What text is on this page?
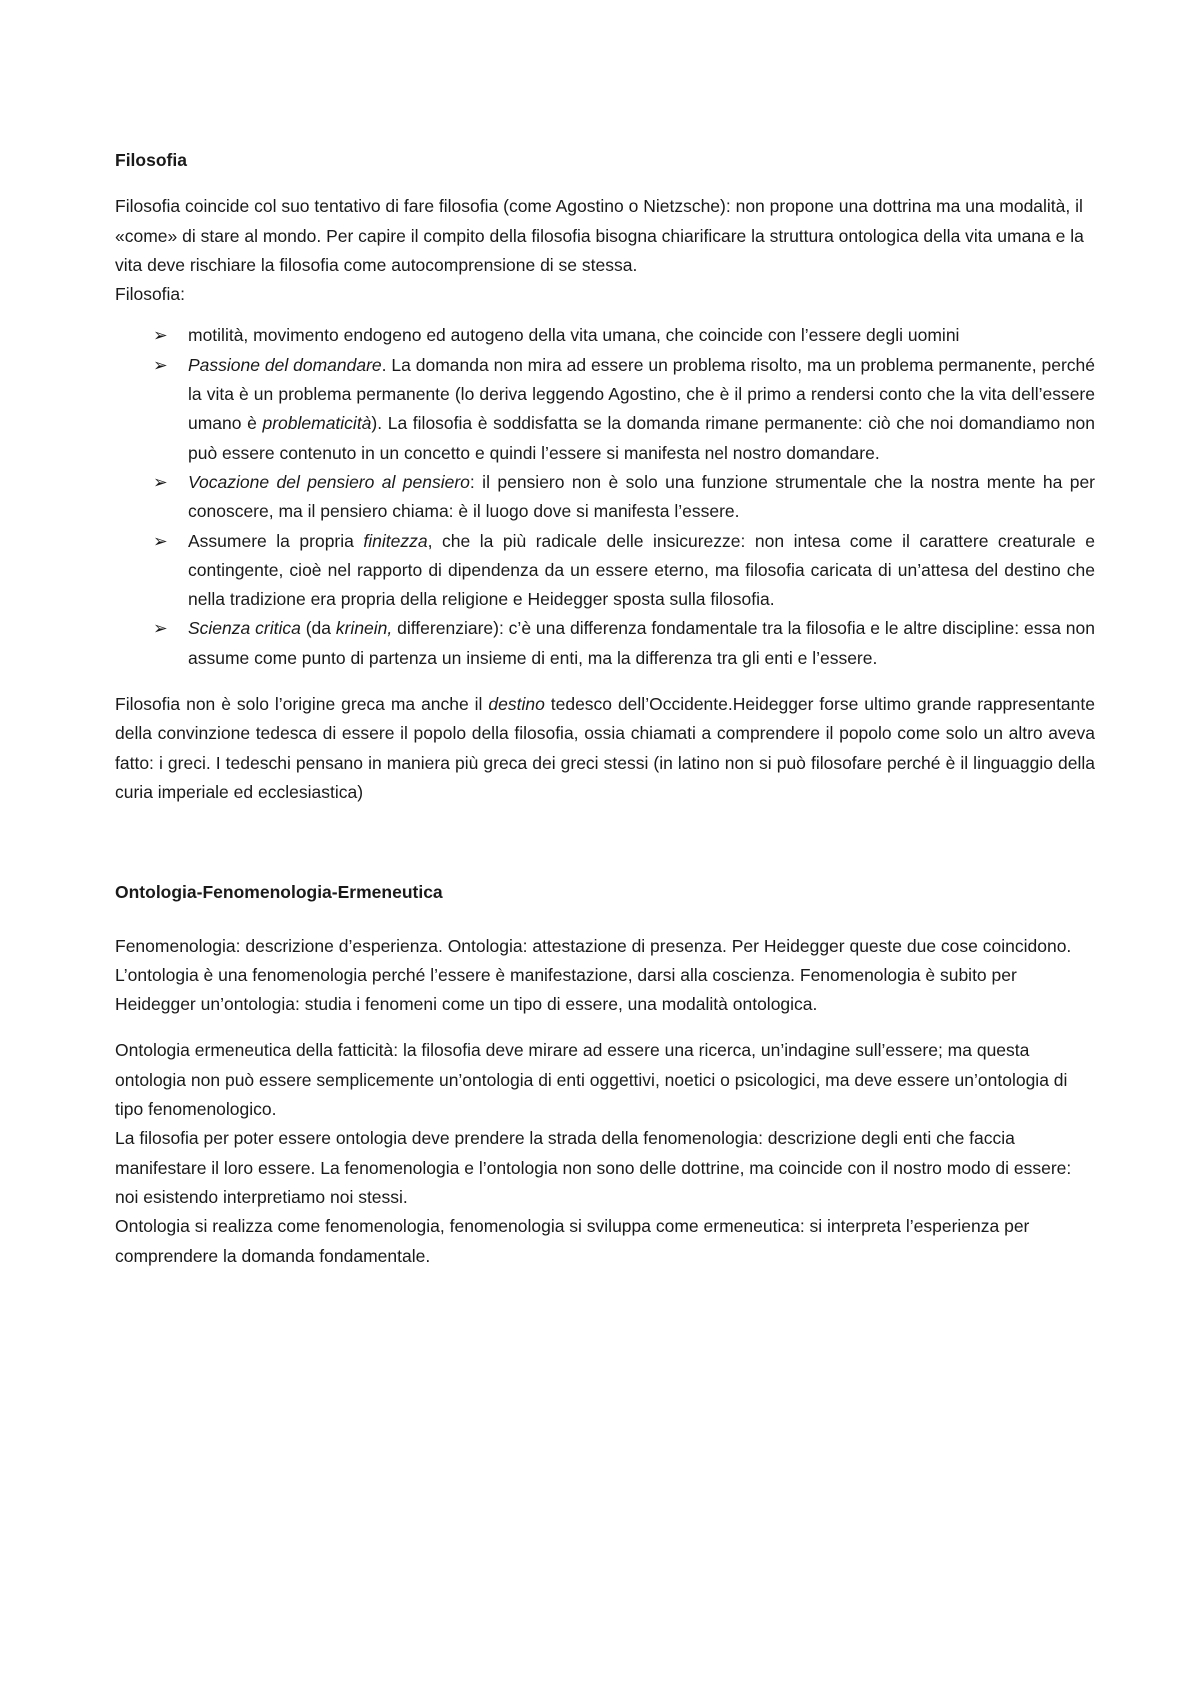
Filosofia

Filosofia coincide col suo tentativo di fare filosofia (come Agostino o Nietzsche): non propone una dottrina ma una modalità, il «come» di stare al mondo. Per capire il compito della filosofia bisogna chiarificare la struttura ontologica della vita umana e la vita deve rischiare la filosofia come autocomprensione di se stessa.

Filosofia:

➢	motilità, movimento endogeno ed autogeno della vita umana, che coincide con l’essere degli uomini
➢	Passione del domandare. La domanda non mira ad essere un problema risolto, ma un problema permanente, perché la vita è un problema permanente (lo deriva leggendo Agostino, che è il primo a rendersi conto che la vita dell’essere umano è problematicità). La filosofia è soddisfatta se la domanda rimane permanente: ciò che noi domandiamo non può essere contenuto in un concetto e quindi l’essere si manifesta nel nostro domandare.
➢	Vocazione del pensiero al pensiero: il pensiero non è solo una funzione strumentale che la nostra mente ha per conoscere, ma il pensiero chiama: è il luogo dove si manifesta l’essere.
➢	Assumere la propria finitezza, che la più radicale delle insicurezze: non intesa come il carattere creaturale e contingente, cioè nel rapporto di dipendenza da un essere eterno, ma filosofia caricata di un’attesa del destino che nella tradizione era propria della religione e Heidegger sposta sulla filosofia.
➢	Scienza critica (da krinein, differenziare): c’è una differenza fondamentale tra la filosofia e le altre discipline: essa non assume come punto di partenza un insieme di enti, ma la differenza tra gli enti e l’essere.

Filosofia non è solo l’origine greca ma anche il destino tedesco dell’Occidente.Heidegger forse ultimo grande rappresentante della convinzione tedesca di essere il popolo della filosofia, ossia chiamati a comprendere il popolo come solo un altro aveva fatto: i greci. I tedeschi pensano in maniera più greca dei greci stessi (in latino non si può filosofare perché è il linguaggio della curia imperiale ed ecclesiastica)

Ontologia-Fenomenologia-Ermeneutica

Fenomenologia: descrizione d’esperienza. Ontologia: attestazione di presenza. Per Heidegger queste due cose coincidono. L’ontologia è una fenomenologia perché l’essere è manifestazione, darsi alla coscienza. Fenomenologia è subito per Heidegger un’ontologia: studia i fenomeni come un tipo di essere, una modalità ontologica.

Ontologia ermeneutica della fatticità: la filosofia deve mirare ad essere una ricerca, un’indagine sull’essere; ma questa ontologia non può essere semplicemente un’ontologia di enti oggettivi, noetici o psicologici, ma deve essere un’ontologia di tipo fenomenologico.

La filosofia per poter essere ontologia deve prendere la strada della fenomenologia: descrizione degli enti che faccia manifestare il loro essere. La fenomenologia e l’ontologia non sono delle dottrine, ma coincide con il nostro modo di essere: noi esistendo interpretiamo noi stessi.

Ontologia si realizza come fenomenologia, fenomenologia si sviluppa come ermeneutica: si interpreta l’esperienza per comprendere la domanda fondamentale.
